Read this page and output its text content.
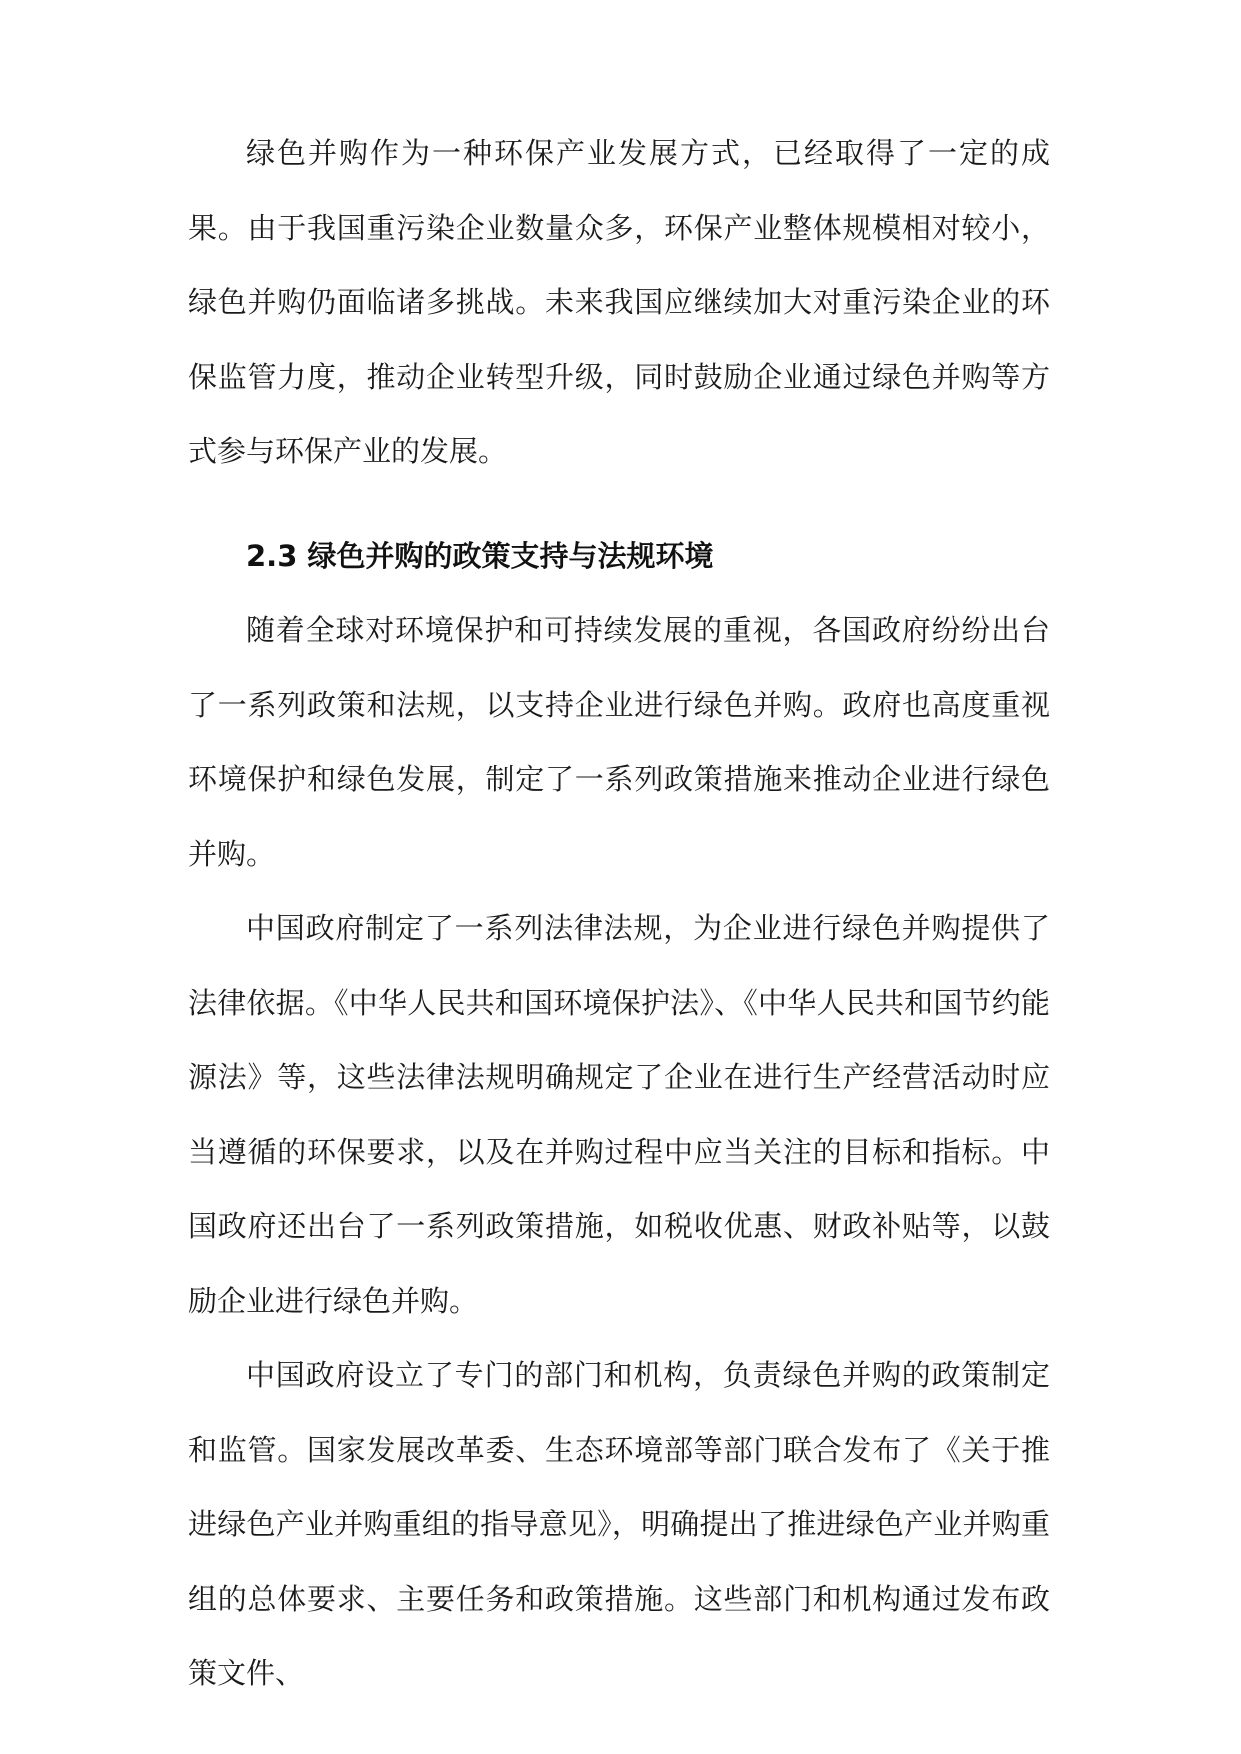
绿色并购作为一种环保产业发展方式，已经取得了一定的成果。由于我国重污染企业数量众多，环保产业整体规模相对较小，绿色并购仍面临诸多挑战。未来我国应继续加大对重污染企业的环保监管力度，推动企业转型升级，同时鼓励企业通过绿色并购等方式参与环保产业的发展。

2.3 绿色并购的政策支持与法规环境

随着全球对环境保护和可持续发展的重视，各国政府纷纷出台了一系列政策和法规，以支持企业进行绿色并购。政府也高度重视环境保护和绿色发展，制定了一系列政策措施来推动企业进行绿色并购。

中国政府制定了一系列法律法规，为企业进行绿色并购提供了法律依据。《中华人民共和国环境保护法》、《中华人民共和国节约能源法》等，这些法律法规明确规定了企业在进行生产经营活动时应当遵循的环保要求，以及在并购过程中应当关注的目标和指标。中国政府还出台了一系列政策措施，如税收优惠、财政补贴等，以鼓励企业进行绿色并购。

中国政府设立了专门的部门和机构，负责绿色并购的政策制定和监管。国家发展改革委、生态环境部等部门联合发布了《关于推进绿色产业并购重组的指导意见》，明确提出了推进绿色产业并购重组的总体要求、主要任务和政策措施。这些部门和机构通过发布政策文件、
